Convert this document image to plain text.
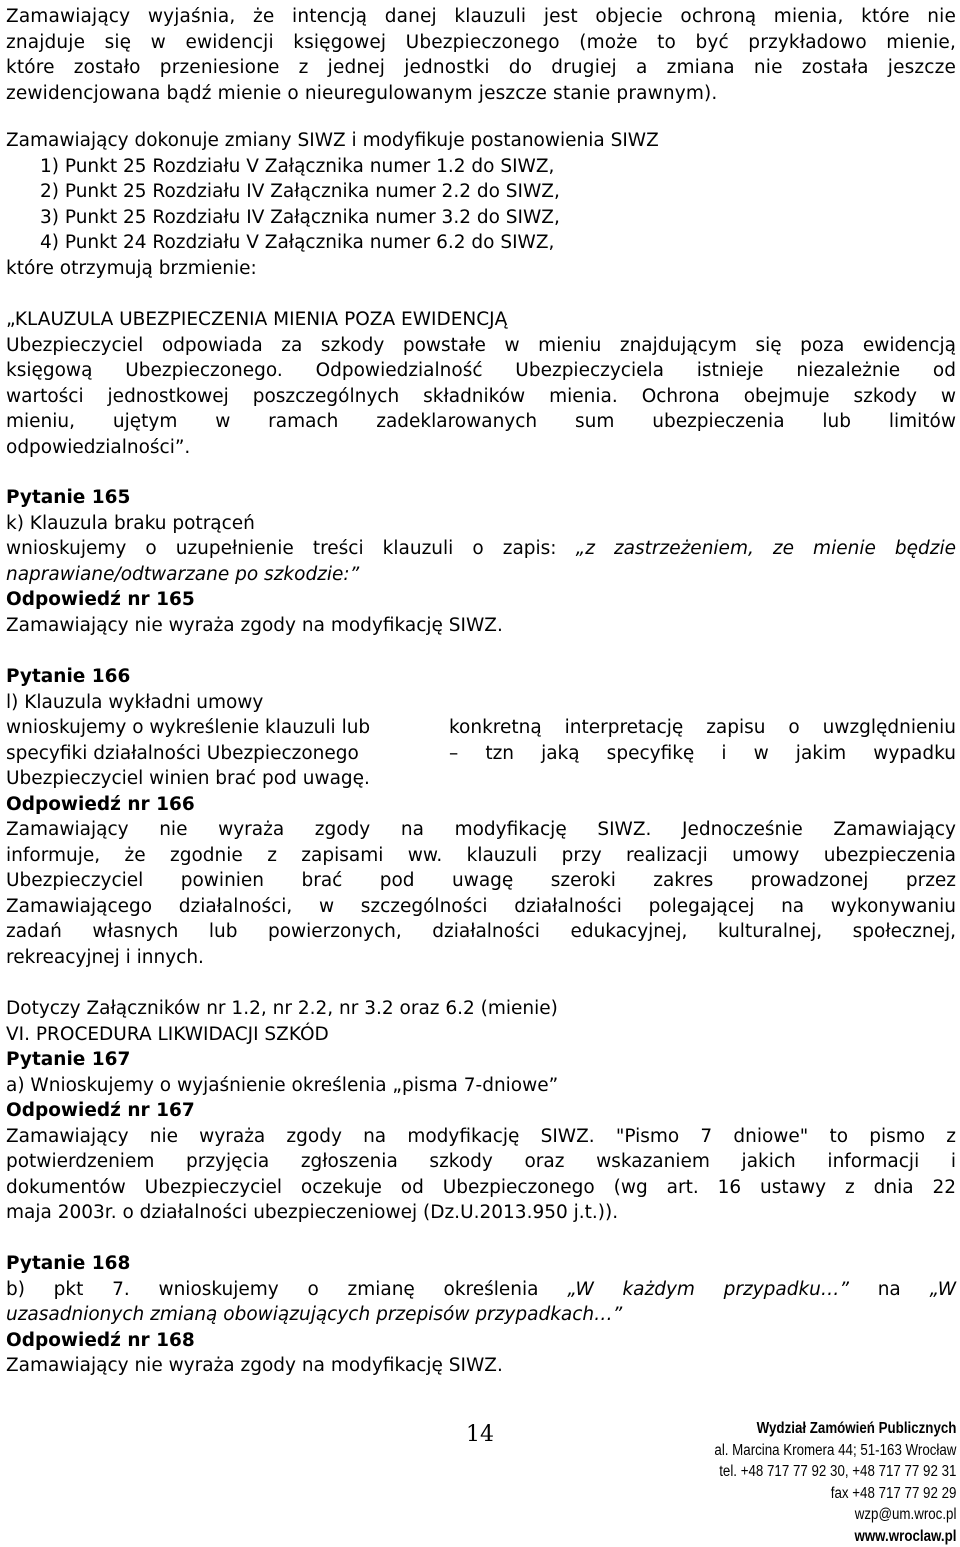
Zamawiający wyjaśnia, że intencją danej klauzuli jest objecie ochroną mienia, które nie
znajduje się w ewidencji księgowej Ubezpieczonego (może to być przykładowo mienie,
które zostało przeniesione z jednej jednostki do drugiej a zmiana nie została jeszcze
zewidencjowana bądź mienie o nieuregulowanym jeszcze stanie prawnym).
Zamawiający dokonuje zmiany SIWZ i modyfikuje postanowienia SIWZ
1) Punkt 25 Rozdziału V Załącznika numer 1.2 do SIWZ,
2) Punkt 25 Rozdziału IV Załącznika numer 2.2 do SIWZ,
3) Punkt 25 Rozdziału IV Załącznika numer 3.2 do SIWZ,
4) Punkt 24 Rozdziału V Załącznika numer 6.2 do SIWZ,
które otrzymują brzmienie:
„KLAUZULA UBEZPIECZENIA MIENIA POZA EWIDENCJĄ
Ubezpieczyciel odpowiada za szkody powstałe w mieniu znajdującym się poza ewidencją
księgową Ubezpieczonego. Odpowiedzialność Ubezpieczyciela istnieje niezależnie od
wartości jednostkowej poszczególnych składników mienia. Ochrona obejmuje szkody w
mieniu, ujętym w ramach zadeklarowanych sum ubezpieczenia lub limitów
odpowiedzialności”.
Pytanie 165
k) Klauzula braku potrąceń
wnioskujemy o uzupełnienie treści klauzuli o zapis: „z zastrzeżeniem, ze mienie będzie
naprawiane/odtwarzane po szkodzie:”
Odpowiedź nr 165
Zamawiający nie wyraża zgody na modyfikację SIWZ.
Pytanie 166
l) Klauzula wykładni umowy
wnioskujemy o wykreślenie klauzuli lub	konkretną interpretację zapisu o uwzględnieniu
specyfiki działalności Ubezpieczonego	– tzn jaką specyfikę i w jakim wypadku
Ubezpieczyciel winien brać pod uwagę.
Odpowiedź nr 166
Zamawiający nie wyraża zgody na modyfikację SIWZ. Jednocześnie Zamawiający
informuje, że zgodnie z zapisami ww. klauzuli przy realizacji umowy ubezpieczenia
Ubezpieczyciel powinien brać pod uwagę szeroki zakres prowadzonej przez
Zamawiającego działalności, w szczególności działalności polegającej na wykonywaniu
zadań własnych lub powierzonych, działalności edukacyjnej, kulturalnej, społecznej,
rekreacyjnej i innych.
Dotyczy Załączników nr 1.2, nr 2.2, nr 3.2 oraz 6.2 (mienie)
VI. PROCEDURA LIKWIDACJI SZKÓD
Pytanie 167
a) Wnioskujemy o wyjaśnienie określenia „pisma 7-dniowe”
Odpowiedź nr 167
Zamawiający nie wyraża zgody na modyfikację SIWZ. "Pismo 7 dniowe" to pismo z
potwierdzeniem przyjęcia zgłoszenia szkody oraz wskazaniem jakich informacji i
dokumentów Ubezpieczyciel oczekuje od Ubezpieczonego (wg art. 16 ustawy z dnia 22
maja 2003r. o działalności ubezpieczeniowej (Dz.U.2013.950 j.t.)).
Pytanie 168
b) pkt 7. wnioskujemy o zmianę określenia „W każdym przypadku…” na „W
uzasadnionych zmianą obowiązujących przepisów przypadkach…”
Odpowiedź nr 168
Zamawiający nie wyraża zgody na modyfikację SIWZ.
14	Wydział Zamówień Publicznych
al. Marcina Kromera 44; 51-163 Wrocław
tel. +48 717 77 92 30, +48 717 77 92 31
fax +48 717 77 92 29
wzp@um.wroc.pl
www.wroclaw.pl
